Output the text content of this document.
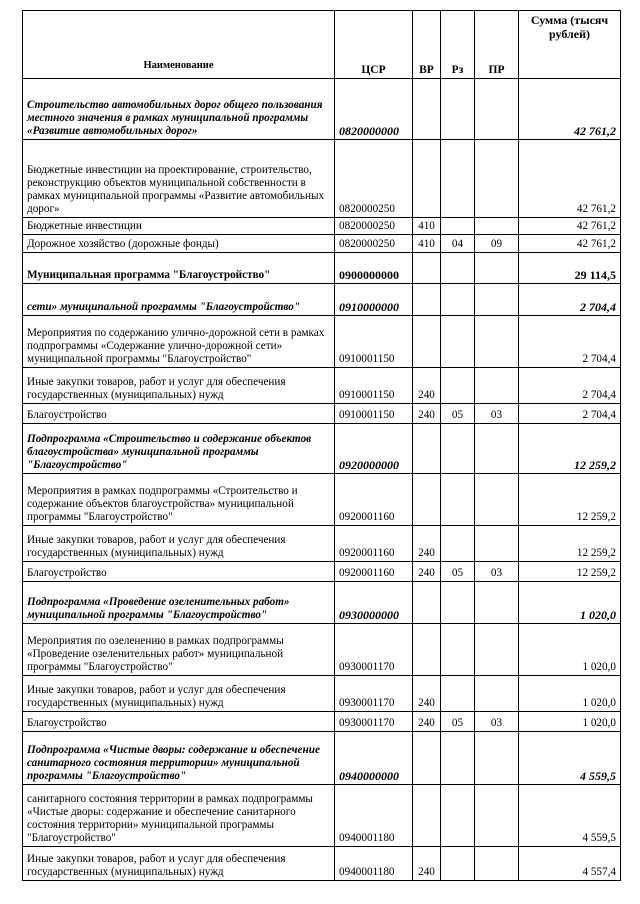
Наименование	ЦСР	ВР	Рз	ПР	Сумма (тысяч рублей)
Строительство автомобильных дорог общего пользования местного значения в рамках муниципальной программы «Развитие автомобильных дорог»	0820000000				42 761,2
Бюджетные инвестиции на проектирование, строительство, реконструкцию объектов муниципальной собственности в рамках муниципальной программы «Развитие автомобильных дорог»	0820000250				42 761,2
Бюджетные инвестиции	0820000250	410			42 761,2
Дорожное хозяйство (дорожные фонды)	0820000250	410	04	09	42 761,2
Муниципальная программа "Благоустройство"	0900000000				29 114,5
сети» муниципальной программы "Благоустройство"	0910000000				2 704,4
Мероприятия по содержанию улично-дорожной сети в рамках подпрограммы «Содержание улично-дорожной сети» муниципальной программы "Благоустройство"	0910001150				2 704,4
Иные закупки товаров, работ и услуг для обеспечения государственных (муниципальных) нужд	0910001150	240			2 704,4
Благоустройство	0910001150	240	05	03	2 704,4
Подпрограмма «Строительство и содержание объектов благоустройства» муниципальной программы "Благоустройство"	0920000000				12 259,2
Мероприятия в рамках подпрограммы «Строительство и содержание объектов благоустройства» муниципальной программы "Благоустройство"	0920001160				12 259,2
Иные закупки товаров, работ и услуг для обеспечения государственных (муниципальных) нужд	0920001160	240			12 259,2
Благоустройство	0920001160	240	05	03	12 259,2
Подпрограмма «Проведение озеленительных работ» муниципальной программы "Благоустройство"	0930000000				1 020,0
Мероприятия по озеленению в рамках подпрограммы «Проведение озеленительных работ» муниципальной программы "Благоустройство"	0930001170				1 020,0
Иные закупки товаров, работ и услуг для обеспечения государственных (муниципальных) нужд	0930001170	240			1 020,0
Благоустройство	0930001170	240	05	03	1 020,0
Подпрограмма «Чистые дворы: содержание и обеспечение санитарного состояния территории» муниципальной программы "Благоустройство"	0940000000				4 559,5
санитарного состояния территории в рамках подпрограммы «Чистые дворы: содержание и обеспечение санитарного состояния территории» муниципальной программы "Благоустройство"	0940001180				4 559,5
Иные закупки товаров, работ и услуг для обеспечения государственных (муниципальных) нужд	0940001180	240			4 557,4
